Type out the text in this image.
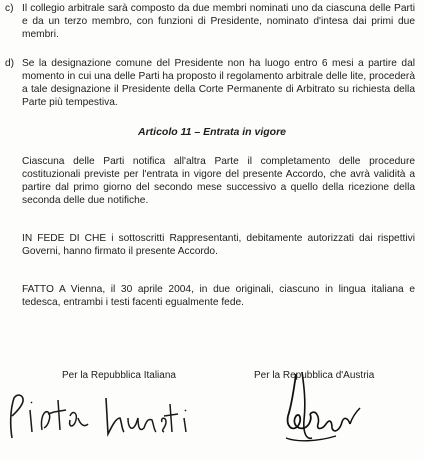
c) Il collegio arbitrale sarà composto da due membri nominati uno da ciascuna delle Parti e da un terzo membro, con funzioni di Presidente, nominato d'intesa dai primi due membri.
d) Se la designazione comune del Presidente non ha luogo entro 6 mesi a partire dal momento in cui una delle Parti ha proposto il regolamento arbitrale delle lite, procederà a tale designazione il Presidente della Corte Permanente di Arbitrato su richiesta della Parte più tempestiva.
Articolo 11 – Entrata in vigore
Ciascuna delle Parti notifica all'altra Parte il completamento delle procedure costituzionali previste per l'entrata in vigore del presente Accordo, che avrà validità a partire dal primo giorno del secondo mese successivo a quello della ricezione della seconda delle due notifiche.
IN FEDE DI CHE i sottoscritti Rappresentanti, debitamente autorizzati dai rispettivi Governi, hanno firmato il presente Accordo.
FATTO A Vienna, il 30 aprile 2004, in due originali, ciascuno in lingua italiana e tedesca, entrambi i testi facenti egualmente fede.
Per la Repubblica Italiana	Per la Repubblica d'Austria
